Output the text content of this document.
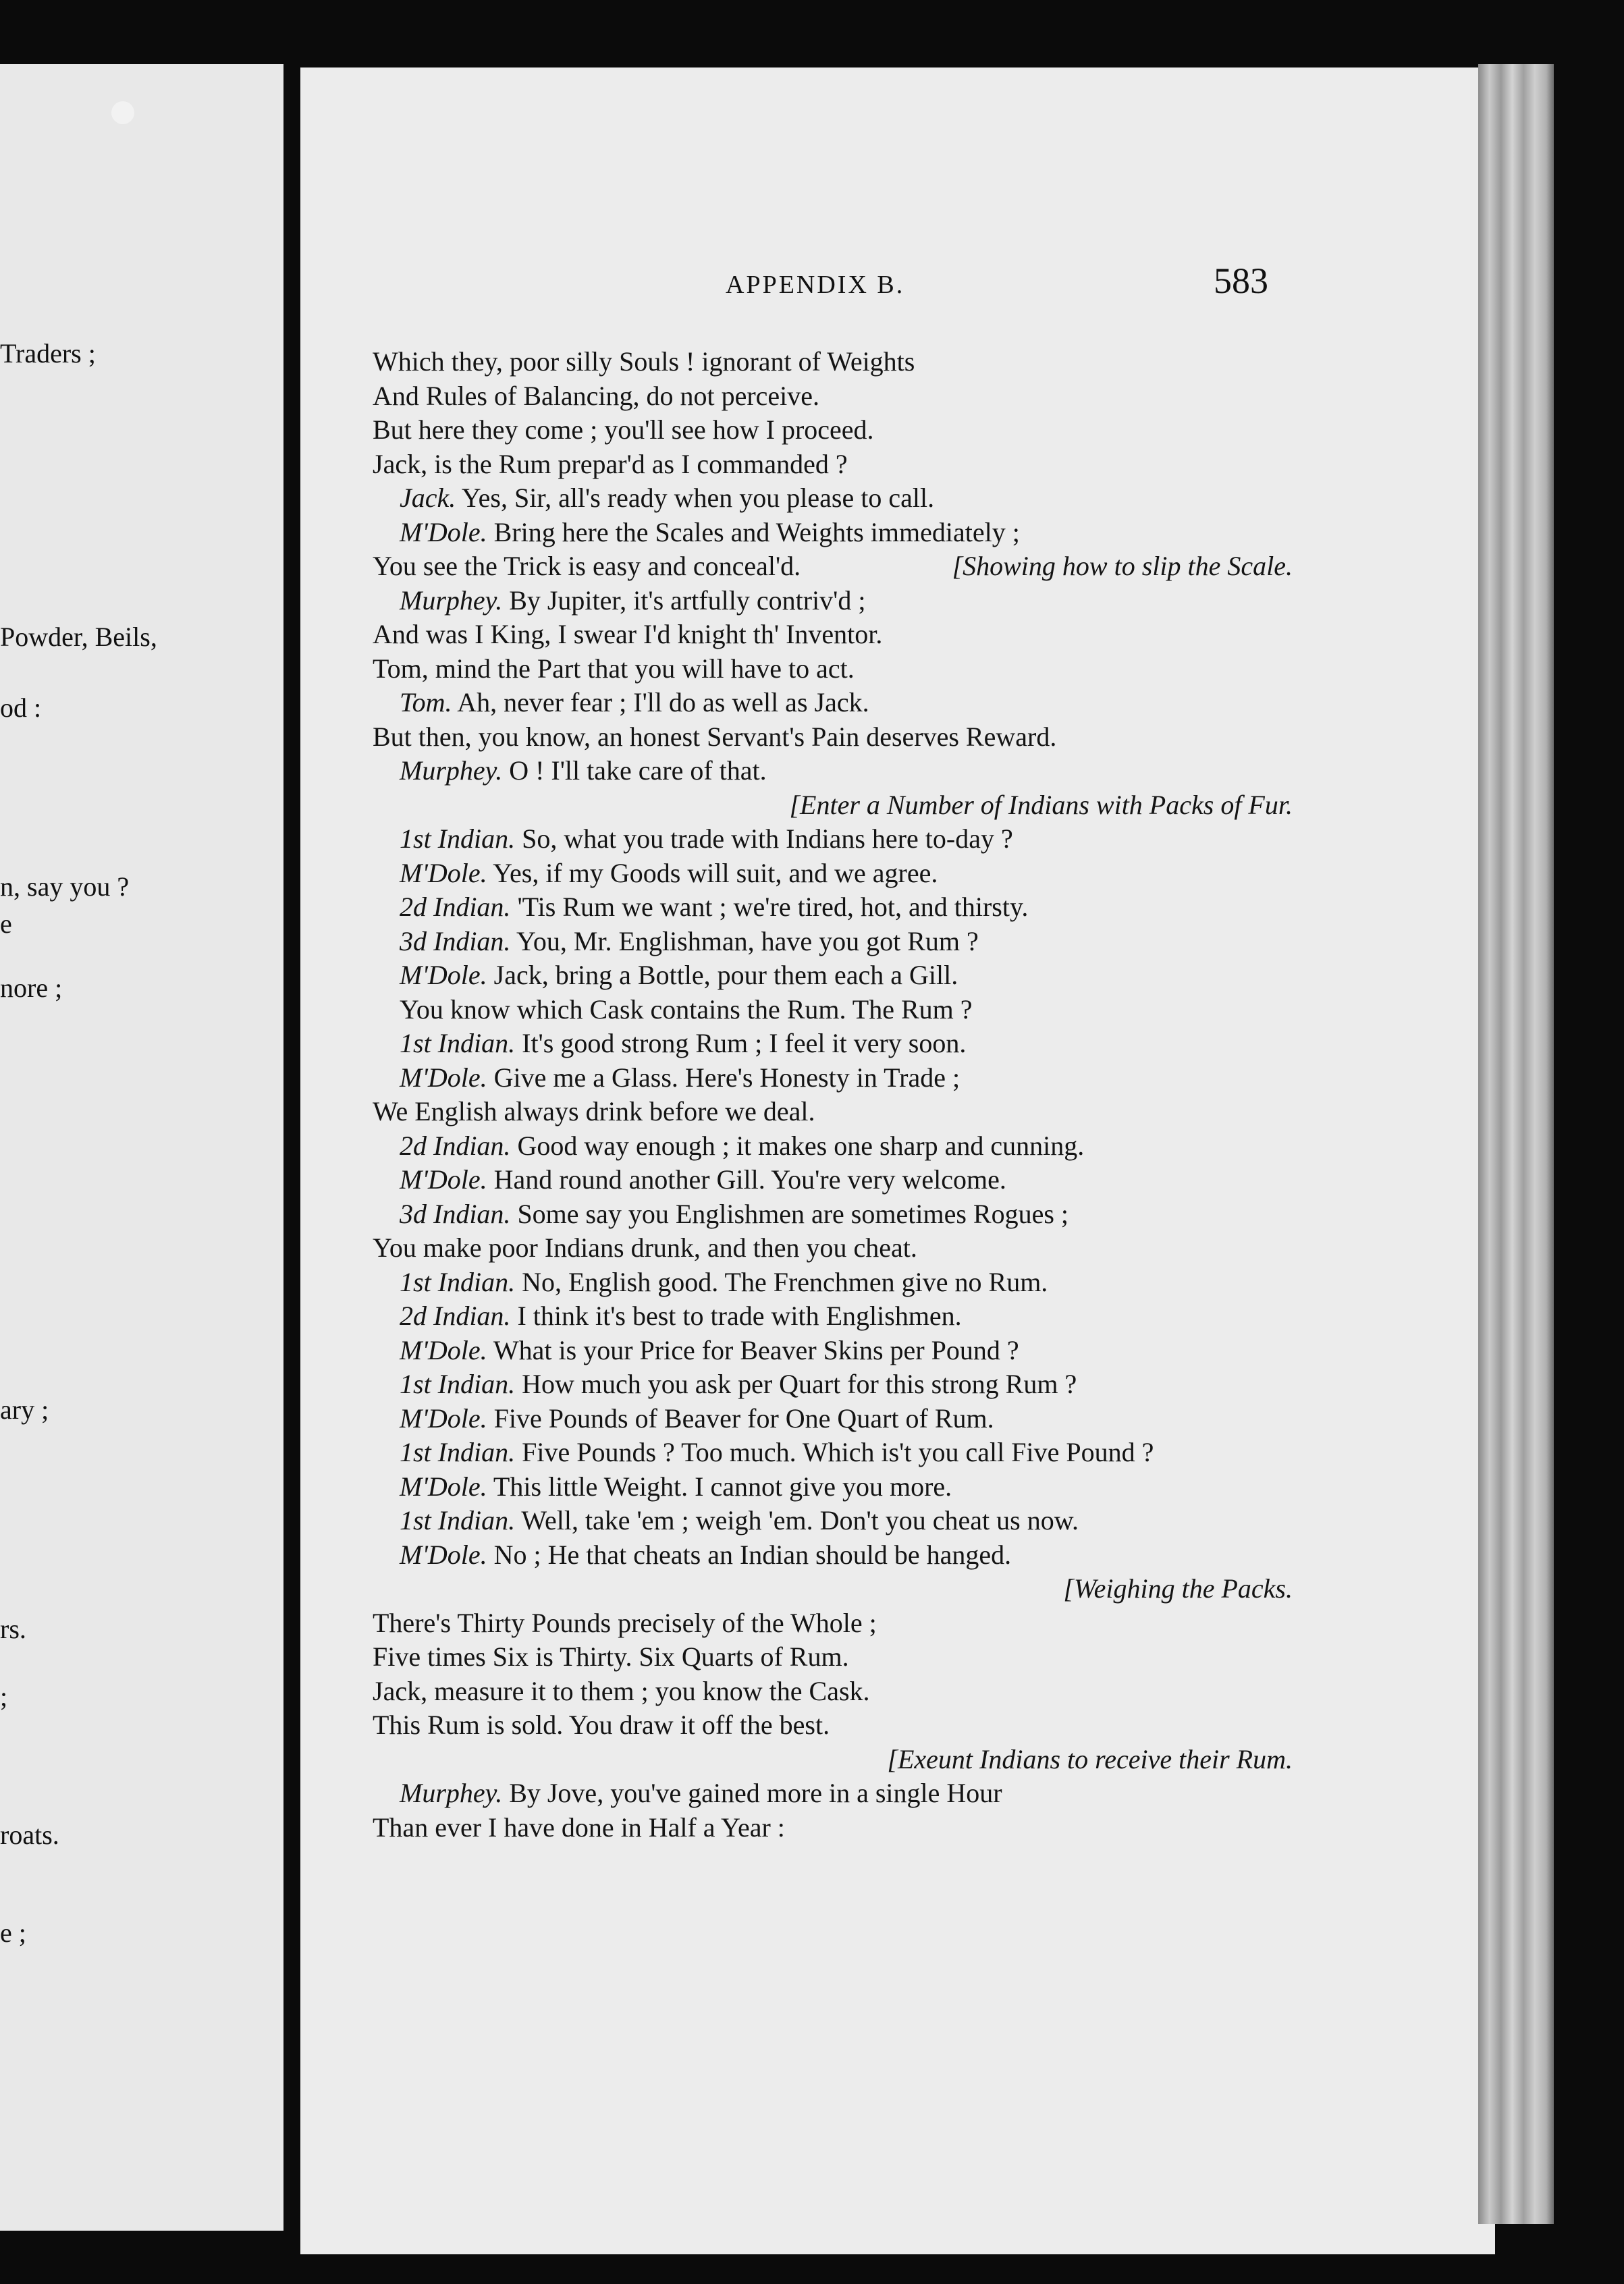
Traders ;
Powder, Beils,
od :
n, say you ?
e
nore ;
ary ;
rs.
;
roats.
e ;
APPENDIX B.	583
Which they, poor silly Souls ! ignorant of Weights
And Rules of Balancing, do not perceive.
But here they come ; you'll see how I proceed.
Jack, is the Rum prepar'd as I commanded ?
Jack. Yes, Sir, all's ready when you please to call.
M'Dole. Bring here the Scales and Weights immediately ;
You see the Trick is easy and conceal'd.	[Showing how to slip the Scale.
Murphey. By Jupiter, it's artfully contriv'd ;
And was I King, I swear I'd knight th' Inventor.
Tom, mind the Part that you will have to act.
Tom. Ah, never fear ; I'll do as well as Jack.
But then, you know, an honest Servant's Pain deserves Reward.
Murphey. O ! I'll take care of that.
[Enter a Number of Indians with Packs of Fur.
1st Indian. So, what you trade with Indians here to-day ?
M'Dole. Yes, if my Goods will suit, and we agree.
2d Indian. 'Tis Rum we want ; we're tired, hot, and thirsty.
3d Indian. You, Mr. Englishman, have you got Rum ?
M'Dole. Jack, bring a Bottle, pour them each a Gill.
You know which Cask contains the Rum. The Rum ?
1st Indian. It's good strong Rum ; I feel it very soon.
M'Dole. Give me a Glass. Here's Honesty in Trade ;
We English always drink before we deal.
2d Indian. Good way enough ; it makes one sharp and cunning.
M'Dole. Hand round another Gill. You're very welcome.
3d Indian. Some say you Englishmen are sometimes Rogues ;
You make poor Indians drunk, and then you cheat.
1st Indian. No, English good. The Frenchmen give no Rum.
2d Indian. I think it's best to trade with Englishmen.
M'Dole. What is your Price for Beaver Skins per Pound ?
1st Indian. How much you ask per Quart for this strong Rum ?
M'Dole. Five Pounds of Beaver for One Quart of Rum.
1st Indian. Five Pounds ? Too much. Which is't you call Five Pound ?
M'Dole. This little Weight. I cannot give you more.
1st Indian. Well, take 'em ; weigh 'em. Don't you cheat us now.
M'Dole. No ; He that cheats an Indian should be hanged.
[Weighing the Packs.
There's Thirty Pounds precisely of the Whole ;
Five times Six is Thirty. Six Quarts of Rum.
Jack, measure it to them ; you know the Cask.
This Rum is sold. You draw it off the best.
[Exeunt Indians to receive their Rum.
Murphey. By Jove, you've gained more in a single Hour
Than ever I have done in Half a Year :
